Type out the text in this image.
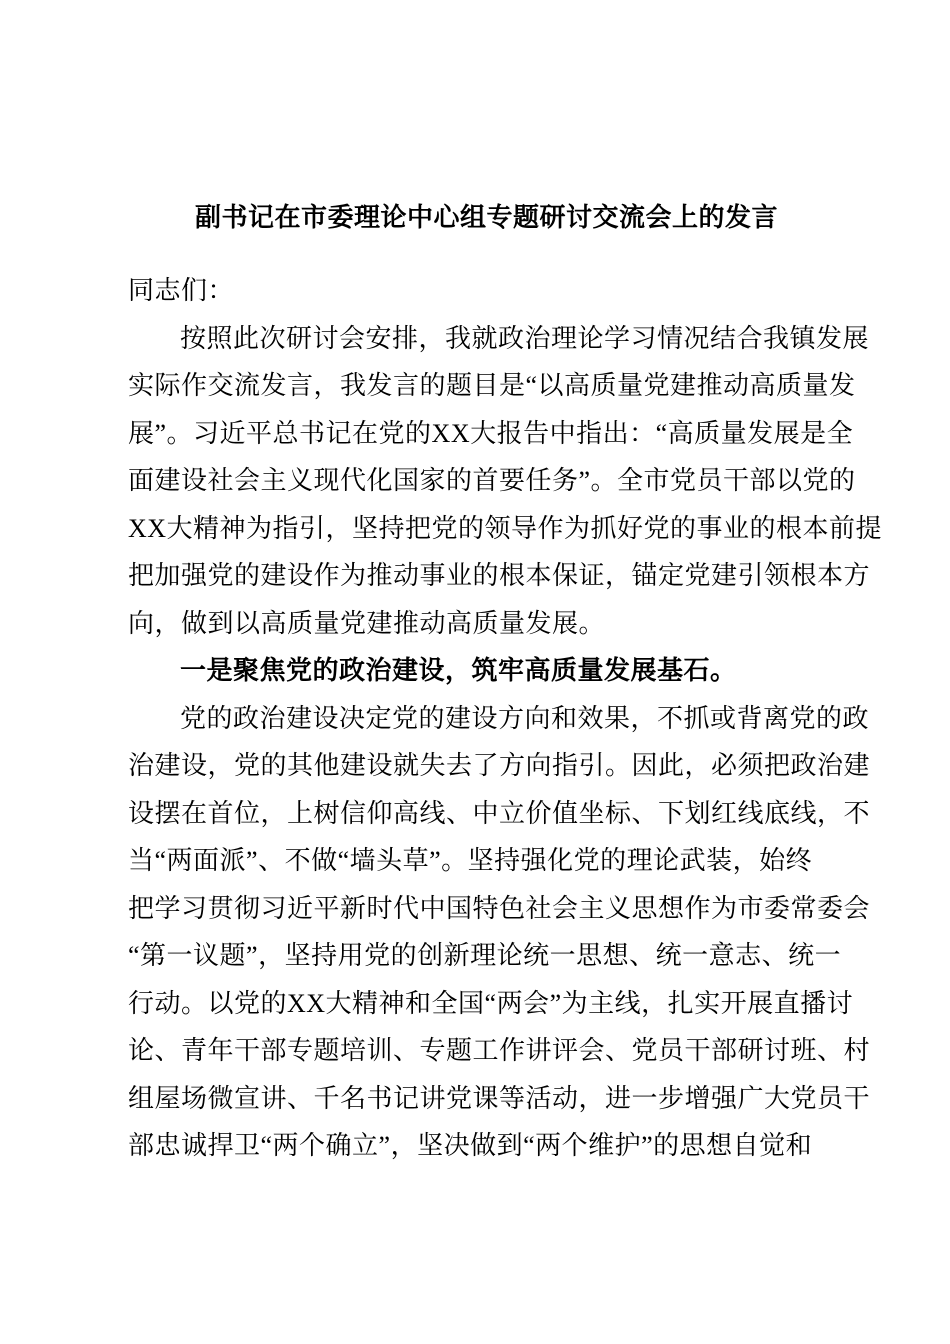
副书记在市委理论中心组专题研讨交流会上的发言
同志们：
按照此次研讨会安排，我就政治理论学习情况结合我镇发展
实际作交流发言，我发言的题目是“以高质量党建推动高质量发
展”。习近平总书记在党的XX大报告中指出：“高质量发展是全
面建设社会主义现代化国家的首要任务”。全市党员干部以党的
XX大精神为指引，坚持把党的领导作为抓好党的事业的根本前提
把加强党的建设作为推动事业的根本保证，锚定党建引领根本方
向，做到以高质量党建推动高质量发展。
一是聚焦党的政治建设，筑牢高质量发展基石。
党的政治建设决定党的建设方向和效果，不抓或背离党的政
治建设，党的其他建设就失去了方向指引。因此，必须把政治建
设摆在首位，上树信仰高线、中立价值坐标、下划红线底线，不
当“两面派”、不做“墙头草”。坚持强化党的理论武装，始终
把学习贯彻习近平新时代中国特色社会主义思想作为市委常委会
“第一议题”，坚持用党的创新理论统一思想、统一意志、统一
行动。以党的XX大精神和全国“两会”为主线，扎实开展直播讨
论、青年干部专题培训、专题工作讲评会、党员干部研讨班、村
组屋场微宣讲、千名书记讲党课等活动，进一步增强广大党员干
部忠诚捍卫“两个确立”，坚决做到“两个维护”的思想自觉和
